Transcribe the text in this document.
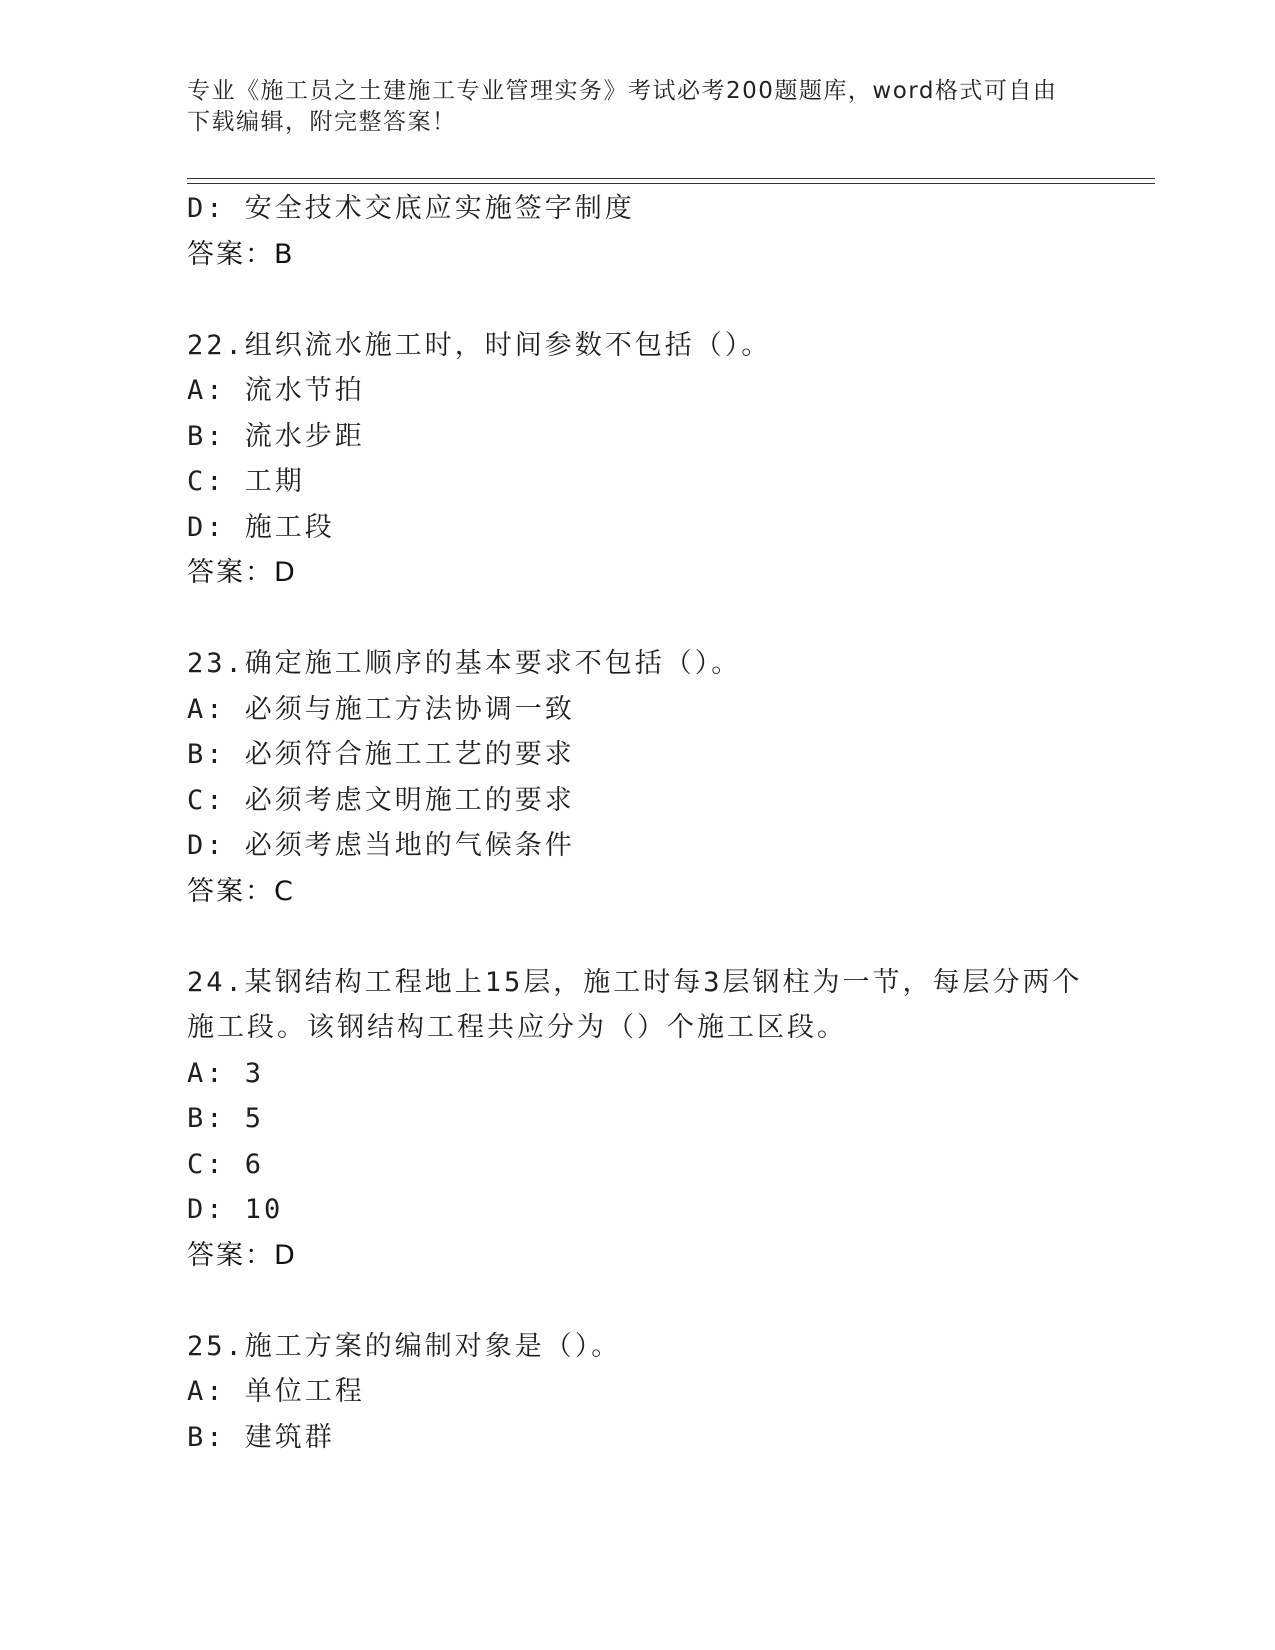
专业《施工员之土建施工专业管理实务》考试必考200题题库，word格式可自由
下载编辑，附完整答案！
D: 安全技术交底应实施签字制度
答案：B
22.组织流水施工时，时间参数不包括（）。
A: 流水节拍
B: 流水步距
C: 工期
D: 施工段
答案：D
23.确定施工顺序的基本要求不包括（）。
A: 必须与施工方法协调一致
B: 必须符合施工工艺的要求
C: 必须考虑文明施工的要求
D: 必须考虑当地的气候条件
答案：C
24.某钢结构工程地上15层，施工时每3层钢柱为一节，每层分两个
施工段。该钢结构工程共应分为（）个施工区段。
A: 3
B: 5
C: 6
D: 10
答案：D
25.施工方案的编制对象是（）。
A: 单位工程
B: 建筑群
